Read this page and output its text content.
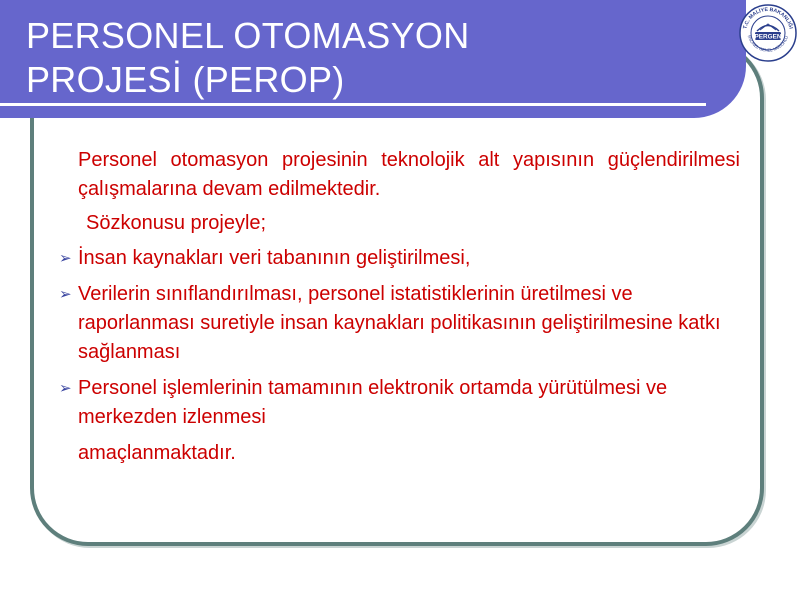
PERSONEL OTOMASYON
PROJESİ (PEROP)
T.C. MALİYE BAKANLIĞI
RSONEL GENEL MÜDÜRLÜ
PERGEN

Personel otomasyon projesinin teknolojik alt yapısının güçlendirilmesi çalışmalarına devam edilmektedir.

Sözkonusu projeyle;

➢ İnsan kaynakları veri tabanının geliştirilmesi,
➢ Verilerin sınıflandırılması, personel istatistiklerinin üretilmesi ve raporlanması suretiyle insan kaynakları politikasının geliştirilmesine katkı sağlanması
➢ Personel işlemlerinin tamamının elektronik ortamda yürütülmesi ve merkezden izlenmesi

amaçlanmaktadır.
